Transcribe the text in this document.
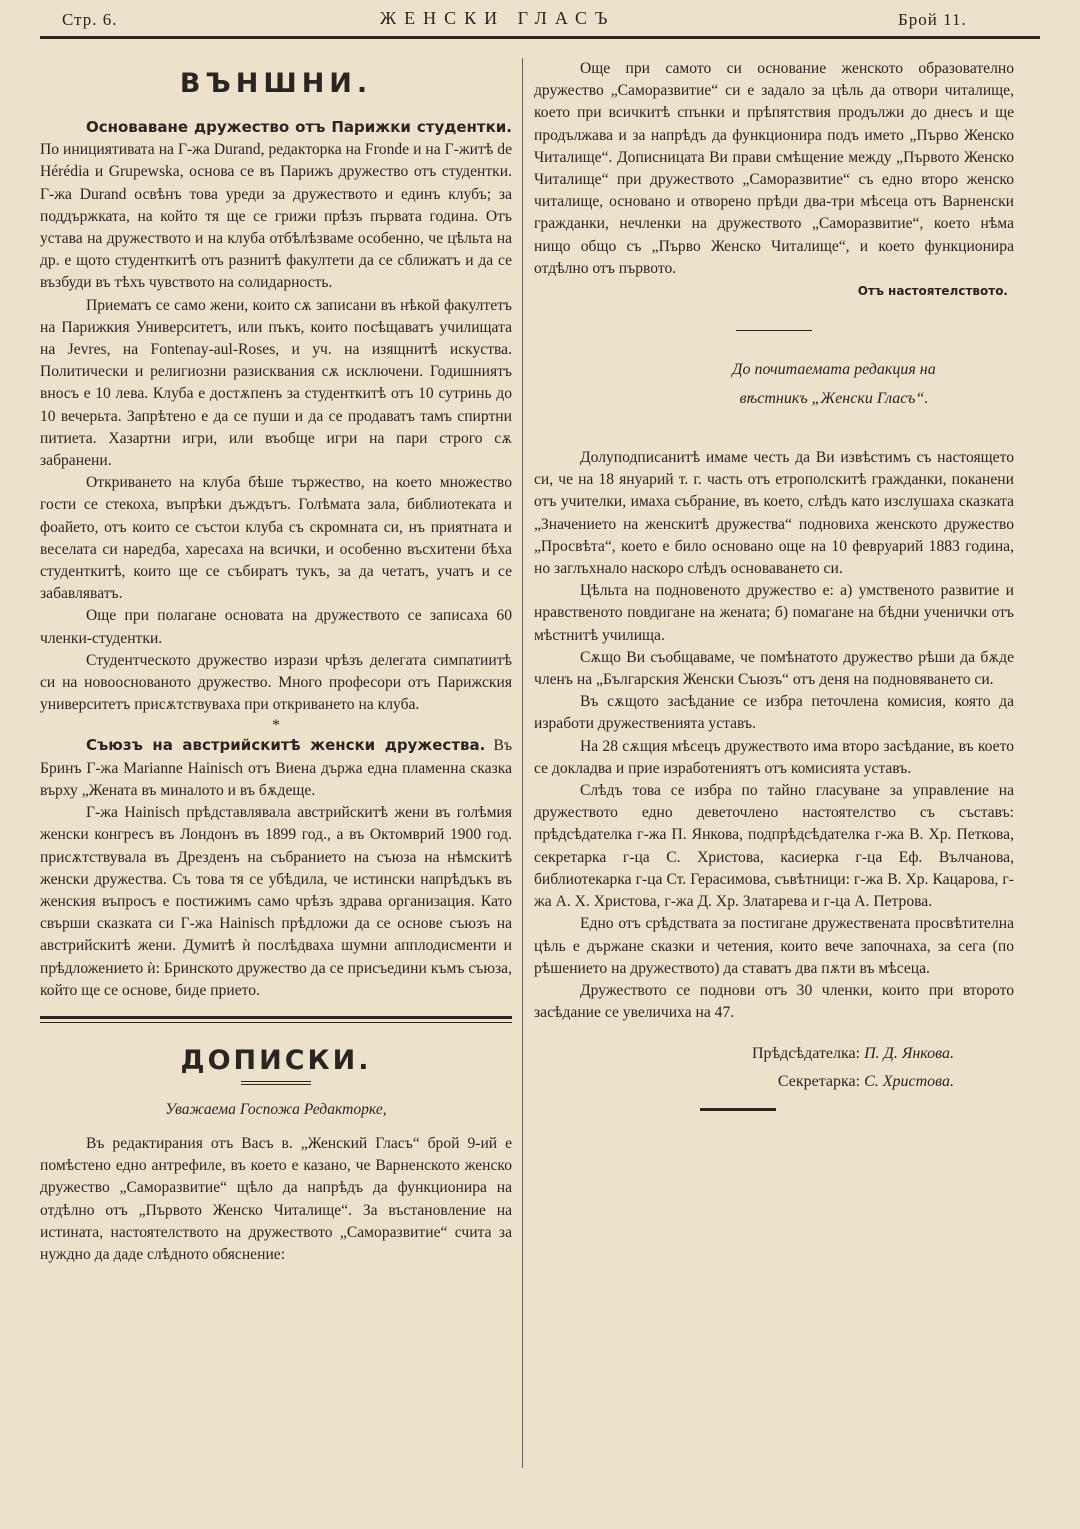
Стр. 6.	ЖЕНСКИ ГЛАСЪ	Брой 11.
ВЪНШНИ.

Основаване дружество отъ Парижки студентки. По инициятивата на Г-жа Durand, редакторка на Fronde и на Г-житѣ de Hérédia и Grupewska, основа се въ Парижъ дружество отъ студентки. Г-жа Durand освѣнъ това уреди за дружеството и единъ клубъ; за поддържката, на който тя ще се грижи прѣзъ първата година. Отъ устава на дружеството и на клуба отбѣлѣзваме особенно, че цѣльта на др. е щото студенткитѣ отъ разнитѣ факултети да се сближатъ и да се възбуди въ тѣхъ чувството на солидарность.

Приематъ се само жени, които сѫ записани въ нѣкой факултетъ на Парижкия Университетъ, или пъкъ, които посѣщаватъ училищата на Jevres, на Fontenay-aul-Roses, и уч. на изящнитѣ искуства. Политически и религиозни разисквания сѫ исключени. Годишниятъ вносъ е 10 лева. Клуба е достѫпенъ за студенткитѣ отъ 10 сутринь до 10 вечерьта. Запрѣтено е да се пуши и да се продаватъ тамъ спиртни питиета. Хазартни игри, или въобще игри на пари строго сѫ забранени.

Откриването на клуба бѣше тържество, на което множество гости се стекоха, въпрѣки дъждътъ. Голѣмата зала, библиотеката и фоайето, отъ които се състои клуба съ скромната си, нъ приятната и веселата си наредба, харесаха на всички, и особенно въсхитени бѣха студенткитѣ, които ще се събиратъ тукъ, за да четатъ, учатъ и се забавляватъ.

Още при полагане основата на дружеството се записаха 60 членки-студентки.

Студентческото дружество изрази чрѣзъ делегата симпатиитѣ си на новооснованото дружество. Много професори отъ Парижския университетъ присѫтствуваха при откриването на клуба.

*

Съюзъ на австрийскитѣ женски дружества. Въ Бринъ Г-жа Marianne Hainisch отъ Виена държа една пламенна сказка върху „Жената въ миналото и въ бѫдеще.

Г-жа Hainisch прѣдставлявала австрийскитѣ жени въ голѣмия женски конгресъ въ Лондонъ въ 1899 год., а въ Октомврий 1900 год. присѫтствувала въ Дрезденъ на събранието на съюза на нѣмскитѣ женски дружества. Съ това тя се убѣдила, че истински напрѣдъкъ въ женския въпросъ е постижимъ само чрѣзъ здрава организация. Като свърши сказката си Г-жа Hainisch прѣдложи да се основе съюзъ на австрийскитѣ жени. Думитѣ ѝ послѣдваха шумни апплодисменти и прѣдложението ѝ: Бринското дружество да се присъедини къмъ съюза, който ще се основе, биде прието.

ДОПИСКИ.
Уважаема Госпожа Редакторке,

Въ редактирания отъ Васъ в. „Женский Гласъ“ брой 9-ий е помѣстено едно антрефиле, въ което е казано, че Варненското женско дружество „Саморазвитие“ щѣло да напрѣдъ да функционира на отдѣлно отъ „Първото Женско Читалище“. За въстановление на истината, настоятелството на дружеството „Саморазвитие“ счита за нуждно да даде слѣдното обяснение:

Още при самото си основание женското образователно дружество „Саморазвитие“ си е задало за цѣль да отвори читалище, което при всичкитѣ спънки и прѣпятствия продължи до днесъ и ще продължава и за напрѣдъ да функционира подъ името „Първо Женско Читалище“. Дописницата Ви прави смѣщение между „Първото Женско Читалище“ при дружеството „Саморазвитие“ съ едно второ женско читалище, основано и отворено прѣди два-три мѣсеца отъ Варненски гражданки, нечленки на дружеството „Саморазвитие“, което нѣма нищо общо съ „Първо Женско Читалище“, и което функционира отдѣлно отъ първото.

Отъ настоятелството.
До почитаемата редакция на
вѣстникъ „Женски Гласъ“.

Долуподписанитѣ имаме честь да Ви извѣстимъ съ настоящето си, че на 18 януарий т. г. часть отъ етрополскитѣ гражданки, поканени отъ учителки, имаха събрание, въ което, слѣдъ като изслушаха сказката „Значението на женскитѣ дружества“ подновиха женското дружество „Просвѣта“, което е било основано още на 10 февруарий 1883 година, но заглъхнало наскоро слѣдъ основаването си.

Цѣльта на подновеното дружество е: а) умственото развитие и нравственото повдигане на жената; б) помагане на бѣдни ученички отъ мѣстнитѣ училища.

Сѫщо Ви съобщаваме, че помѣнатото дружество рѣши да бѫде членъ на „Българския Женски Съюзъ“ отъ деня на подновяването си.

Въ сѫщото засѣдание се избра петочлена комисия, която да изработи дружественията уставъ.

На 28 сѫщия мѣсецъ дружеството има второ засѣдание, въ което се докладва и прие изработениятъ отъ комисията уставъ.

Слѣдъ това се избра по тайно гласуване за управление на дружеството едно деветочлено настоятелство съ съставъ: прѣдсѣдателка г-жа П. Янкова, подпрѣдсѣдателка г-жа В. Хр. Петкова, секретарка г-ца С. Христова, касиерка г-ца Еф. Вълчанова, библиотекарка г-ца Ст. Герасимова, съвѣтници: г-жа В. Хр. Кацарова, г-жа А. Х. Христова, г-жа Д. Хр. Златарева и г-ца А. Петрова.

Едно отъ срѣдствата за постигане дружествената просвѣтителна цѣль е държане сказки и четения, които вече започнаха, за сега (по рѣшението на дружеството) да ставатъ два пѫти въ мѣсеца.

Дружеството се поднови отъ 30 членки, които при второто засѣдание се увеличиха на 47.

Прѣдсѣдателка: П. Д. Янкова.
Секретарка: С. Христова.
